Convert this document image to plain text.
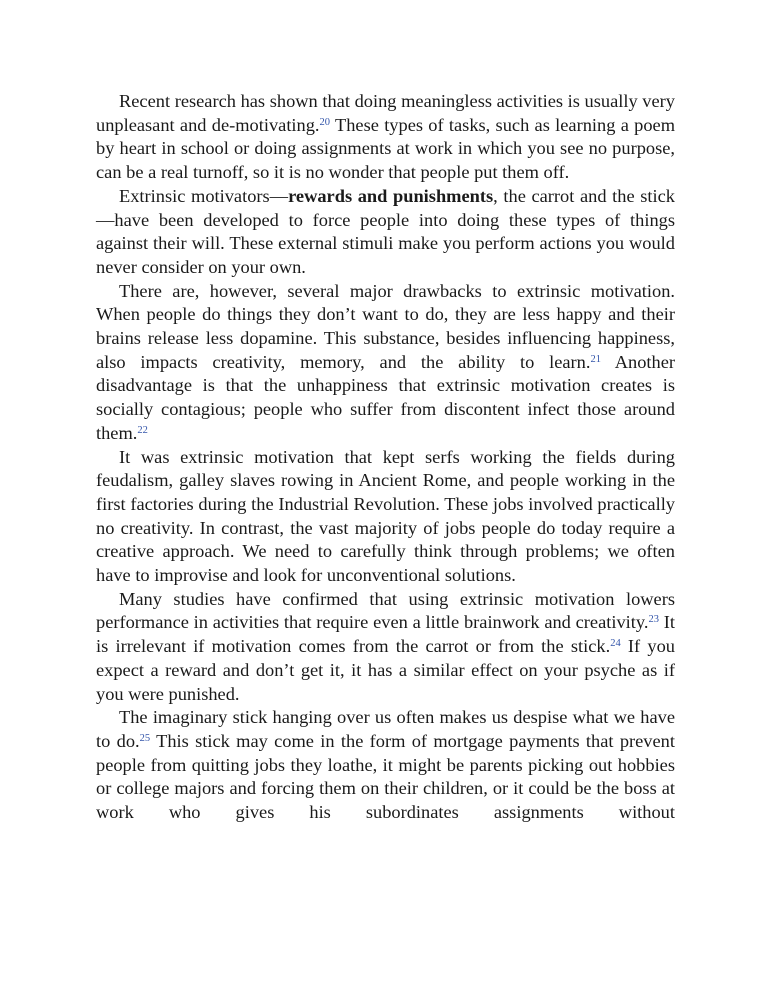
Recent research has shown that doing meaningless activities is usually very unpleasant and de-motivating.$^{20}$ These types of tasks, such as learning a poem by heart in school or doing assignments at work in which you see no purpose, can be a real turnoff, so it is no wonder that people put them off.

Extrinsic motivators—rewards and punishments, the carrot and the stick—have been developed to force people into doing these types of things against their will. These external stimuli make you perform actions you would never consider on your own.

There are, however, several major drawbacks to extrinsic motivation. When people do things they don’t want to do, they are less happy and their brains release less dopamine. This substance, besides influencing happiness, also impacts creativity, memory, and the ability to learn.$^{21}$ Another disadvantage is that the unhappiness that extrinsic motivation creates is socially contagious; people who suffer from discontent infect those around them.$^{22}$

It was extrinsic motivation that kept serfs working the fields during feudalism, galley slaves rowing in Ancient Rome, and people working in the first factories during the Industrial Revolution. These jobs involved practically no creativity. In contrast, the vast majority of jobs people do today require a creative approach. We need to carefully think through problems; we often have to improvise and look for unconventional solutions.

Many studies have confirmed that using extrinsic motivation lowers performance in activities that require even a little brainwork and creativity.$^{23}$ It is irrelevant if motivation comes from the carrot or from the stick.$^{24}$ If you expect a reward and don’t get it, it has a similar effect on your psyche as if you were punished.

The imaginary stick hanging over us often makes us despise what we have to do.$^{25}$ This stick may come in the form of mortgage payments that prevent people from quitting jobs they loathe, it might be parents picking out hobbies or college majors and forcing them on their children, or it could be the boss at work who gives his subordinates assignments without
